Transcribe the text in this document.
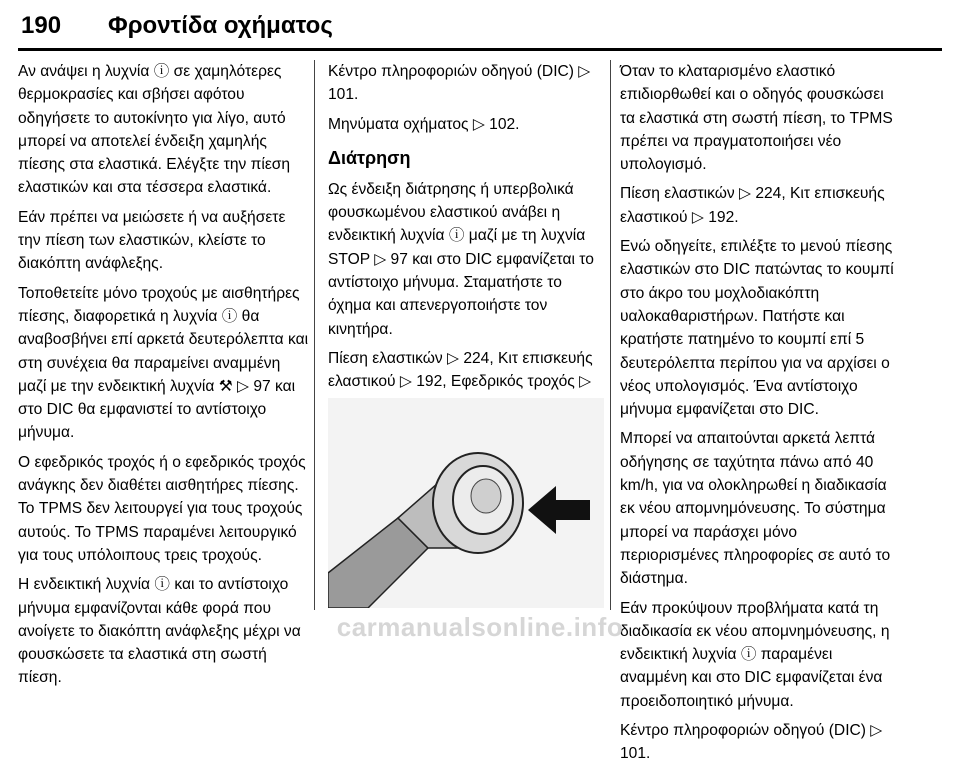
190 Φροντίδα οχήματος

Αν ανάψει η λυχνία ⓘ σε χαμηλότερες θερμοκρασίες και σβήσει αφότου οδηγήσετε το αυτοκίνητο για λίγο, αυτό μπορεί να αποτελεί ένδειξη χαμηλής πίεσης στα ελαστικά. Ελέγξτε την πίεση ελαστικών και στα τέσσερα ελαστικά.

Εάν πρέπει να μειώσετε ή να αυξήσετε την πίεση των ελαστικών, κλείστε το διακόπτη ανάφλεξης.

Τοποθετείτε μόνο τροχούς με αισθητήρες πίεσης, διαφορετικά η λυχνία ⓘ θα αναβοσβήνει επί αρκετά δευτερόλεπτα και στη συνέχεια θα παραμείνει αναμμένη μαζί με την ενδεικτική λυχνία ⚒ ▷ 97 και στο DIC θα εμφανιστεί το αντίστοιχο μήνυμα.

Ο εφεδρικός τροχός ή ο εφεδρικός τροχός ανάγκης δεν διαθέτει αισθητήρες πίεσης. Το TPMS δεν λειτουργεί για τους τροχούς αυτούς. Το TPMS παραμένει λειτουργικό για τους υπόλοιπους τρεις τροχούς.

Η ενδεικτική λυχνία ⓘ και το αντίστοιχο μήνυμα εμφανίζονται κάθε φορά που ανοίγετε το διακόπτη ανάφλεξης μέχρι να φουσκώσετε τα ελαστικά στη σωστή πίεση.

Κέντρο πληροφοριών οδηγού (DIC) ▷ 101.

Μηνύματα οχήματος ▷ 102.

Διάτρηση

Ως ένδειξη διάτρησης ή υπερβολικά φουσκωμένου ελαστικού ανάβει η ενδεικτική λυχνία ⓘ μαζί με τη λυχνία STOP ▷ 97 και στο DIC εμφανίζεται το αντίστοιχο μήνυμα. Σταματήστε το όχημα και απενεργοποιήστε τον κινητήρα.

Πίεση ελαστικών ▷ 224, Κιτ επισκευής ελαστικού ▷ 192, Εφεδρικός τροχός ▷

Όταν το κλαταρισμένο ελαστικό επιδιορθωθεί και ο οδηγός φουσκώσει τα ελαστικά στη σωστή πίεση, το TPMS πρέπει να πραγματοποιήσει νέο υπολογισμό.

Πίεση ελαστικών ▷ 224, Κιτ επισκευής ελαστικού ▷ 192.

Ενώ οδηγείτε, επιλέξτε το μενού πίεσης ελαστικών στο DIC πατώντας το κουμπί στο άκρο του μοχλοδιακόπτη υαλοκαθαριστήρων. Πατήστε και κρατήστε πατημένο το κουμπί επί 5 δευτερόλεπτα περίπου για να αρχίσει ο νέος υπολογισμός. Ένα αντίστοιχο μήνυμα εμφανίζεται στο DIC.

Μπορεί να απαιτούνται αρκετά λεπτά οδήγησης σε ταχύτητα πάνω από 40 km/h, για να ολοκληρωθεί η διαδικασία εκ νέου απομνημόνευσης. Το σύστημα μπορεί να παράσχει μόνο περιορισμένες πληροφορίες σε αυτό το διάστημα.

Εάν προκύψουν προβλήματα κατά τη διαδικασία εκ νέου απομνημόνευσης, η ενδεικτική λυχνία ⓘ παραμένει αναμμένη και στο DIC εμφανίζεται ένα προειδοποιητικό μήνυμα.

Κέντρο πληροφοριών οδηγού (DIC) ▷ 101.

carmanualsonline.info
